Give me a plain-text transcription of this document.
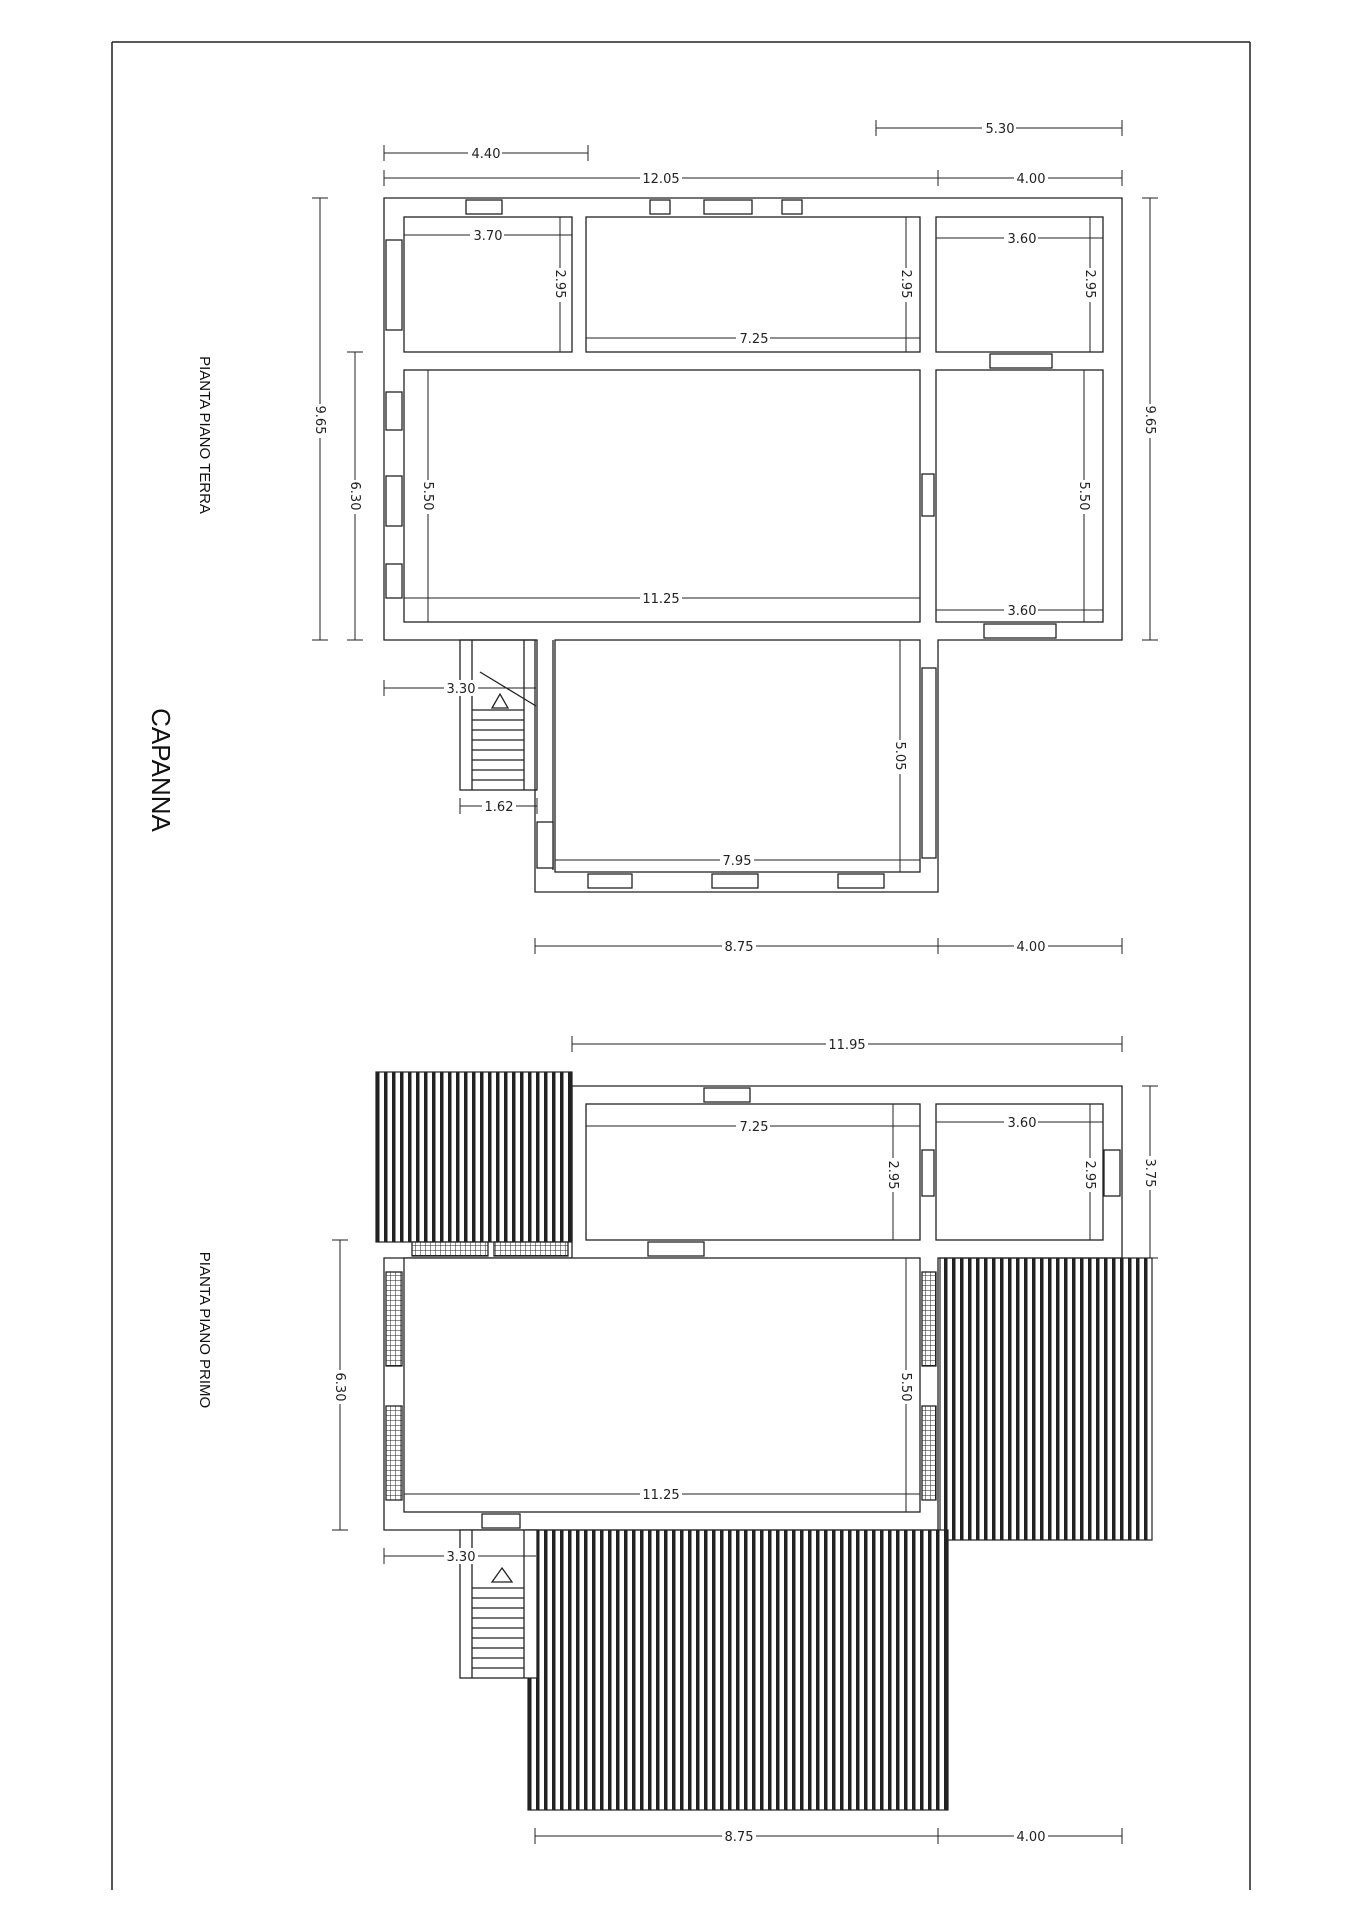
PIANTA PIANO TERRA
CAPANNA
PIANTA PIANO PRIMO
5.30
4.40
12.05	4.00
3.70
2.95	2.95
7.25
3.60
2.95
9.65
6.30
9.65
5.50
11.25
5.50
3.60
3.30
1.62
5.05
7.95
8.75	4.00
11.95
7.25
2.95
3.60
2.95	3.75
6.30	5.50
11.25
3.30
8.75	4.00
